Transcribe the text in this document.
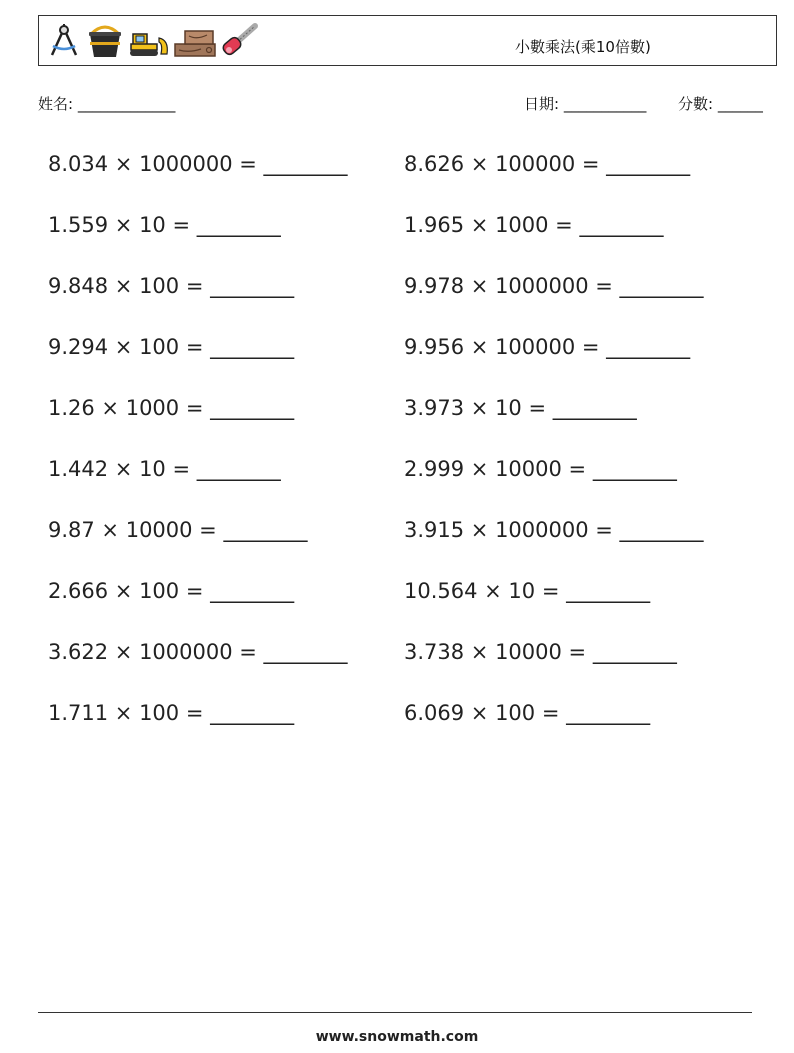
小數乘法(乘10倍數)
姓名: _____________	日期: ___________ 分數: ______
8.034 × 1000000 = ________
1.559 × 10 = ________
9.848 × 100 = ________
9.294 × 100 = ________
1.26 × 1000 = ________
1.442 × 10 = ________
9.87 × 10000 = ________
2.666 × 100 = ________
3.622 × 1000000 = ________
1.711 × 100 = ________
8.626 × 100000 = ________
1.965 × 1000 = ________
9.978 × 1000000 = ________
9.956 × 100000 = ________
3.973 × 10 = ________
2.999 × 10000 = ________
3.915 × 1000000 = ________
10.564 × 10 = ________
3.738 × 10000 = ________
6.069 × 100 = ________
www.snowmath.com
